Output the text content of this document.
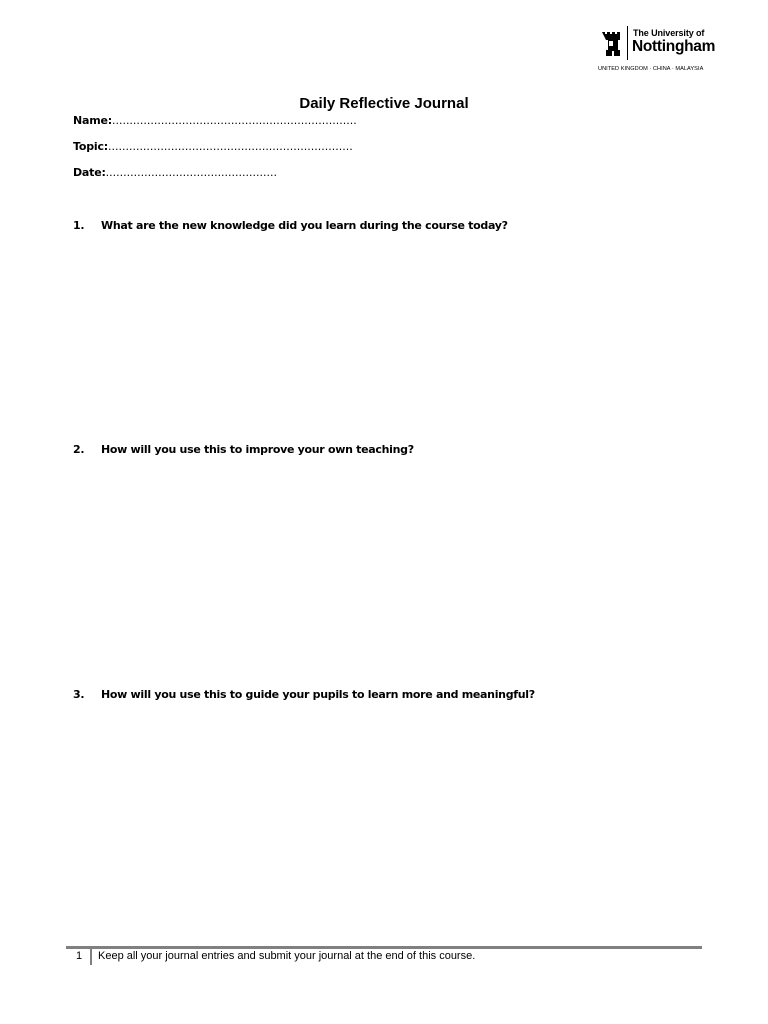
The University of
Nottingham
UNITED KINGDOM · CHINA · MALAYSIA
Daily Reflective Journal
Name:......................................................................
Topic:......................................................................
Date:.................................................
1. What are the new knowledge did you learn during the course today?
2. How will you use this to improve your own teaching?
3. How will you use this to guide your pupils to learn more and meaningful?
1 Keep all your journal entries and submit your journal at the end of this course.
